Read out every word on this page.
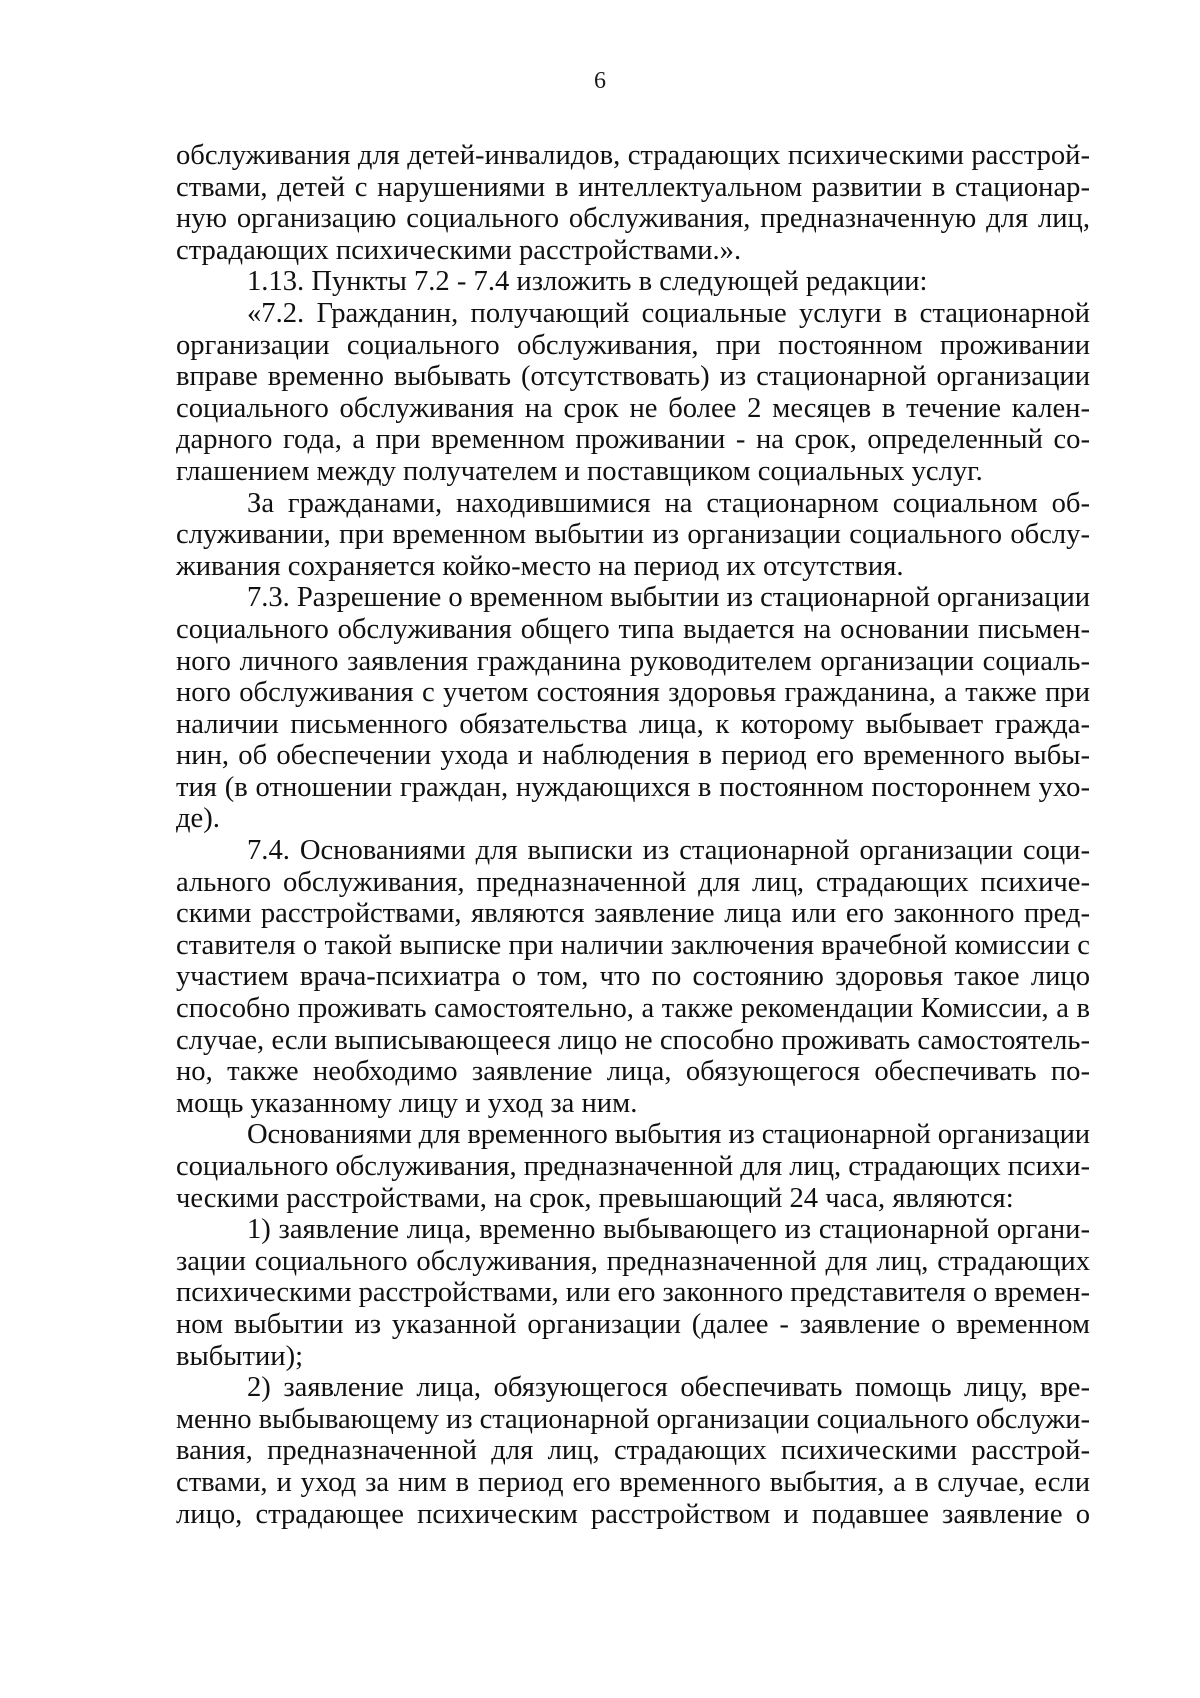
6
обслуживания для детей-инвалидов, страдающих психическими расстрой-
ствами, детей с нарушениями в интеллектуальном развитии в стационар-
ную организацию социального обслуживания, предназначенную для лиц,
страдающих психическими расстройствами.».
1.13. Пункты 7.2 - 7.4 изложить в следующей редакции:
«7.2. Гражданин, получающий социальные услуги в стационарной
организации социального обслуживания, при постоянном проживании
вправе временно выбывать (отсутствовать) из стационарной организации
социального обслуживания на срок не более 2 месяцев в течение кален-
дарного года, а при временном проживании - на срок, определенный со-
глашением между получателем и поставщиком социальных услуг.
За гражданами, находившимися на стационарном социальном об-
служивании, при временном выбытии из организации социального обслу-
живания сохраняется койко-место на период их отсутствия.
7.3. Разрешение о временном выбытии из стационарной организации
социального обслуживания общего типа выдается на основании письмен-
ного личного заявления гражданина руководителем организации социаль-
ного обслуживания с учетом состояния здоровья гражданина, а также при
наличии письменного обязательства лица, к которому выбывает гражда-
нин, об обеспечении ухода и наблюдения в период его временного выбы-
тия (в отношении граждан, нуждающихся в постоянном постороннем ухо-
де).
7.4. Основаниями для выписки из стационарной организации соци-
ального обслуживания, предназначенной для лиц, страдающих психиче-
скими расстройствами, являются заявление лица или его законного пред-
ставителя о такой выписке при наличии заключения врачебной комиссии с
участием врача-психиатра о том, что по состоянию здоровья такое лицо
способно проживать самостоятельно, а также рекомендации Комиссии, а в
случае, если выписывающееся лицо не способно проживать самостоятель-
но, также необходимо заявление лица, обязующегося обеспечивать по-
мощь указанному лицу и уход за ним.
Основаниями для временного выбытия из стационарной организации
социального обслуживания, предназначенной для лиц, страдающих психи-
ческими расстройствами, на срок, превышающий 24 часа, являются:
1) заявление лица, временно выбывающего из стационарной органи-
зации социального обслуживания, предназначенной для лиц, страдающих
психическими расстройствами, или его законного представителя о времен-
ном выбытии из указанной организации (далее - заявление о временном
выбытии);
2) заявление лица, обязующегося обеспечивать помощь лицу, вре-
менно выбывающему из стационарной организации социального обслужи-
вания, предназначенной для лиц, страдающих психическими расстрой-
ствами, и уход за ним в период его временного выбытия, а в случае, если
лицо, страдающее психическим расстройством и подавшее заявление о
